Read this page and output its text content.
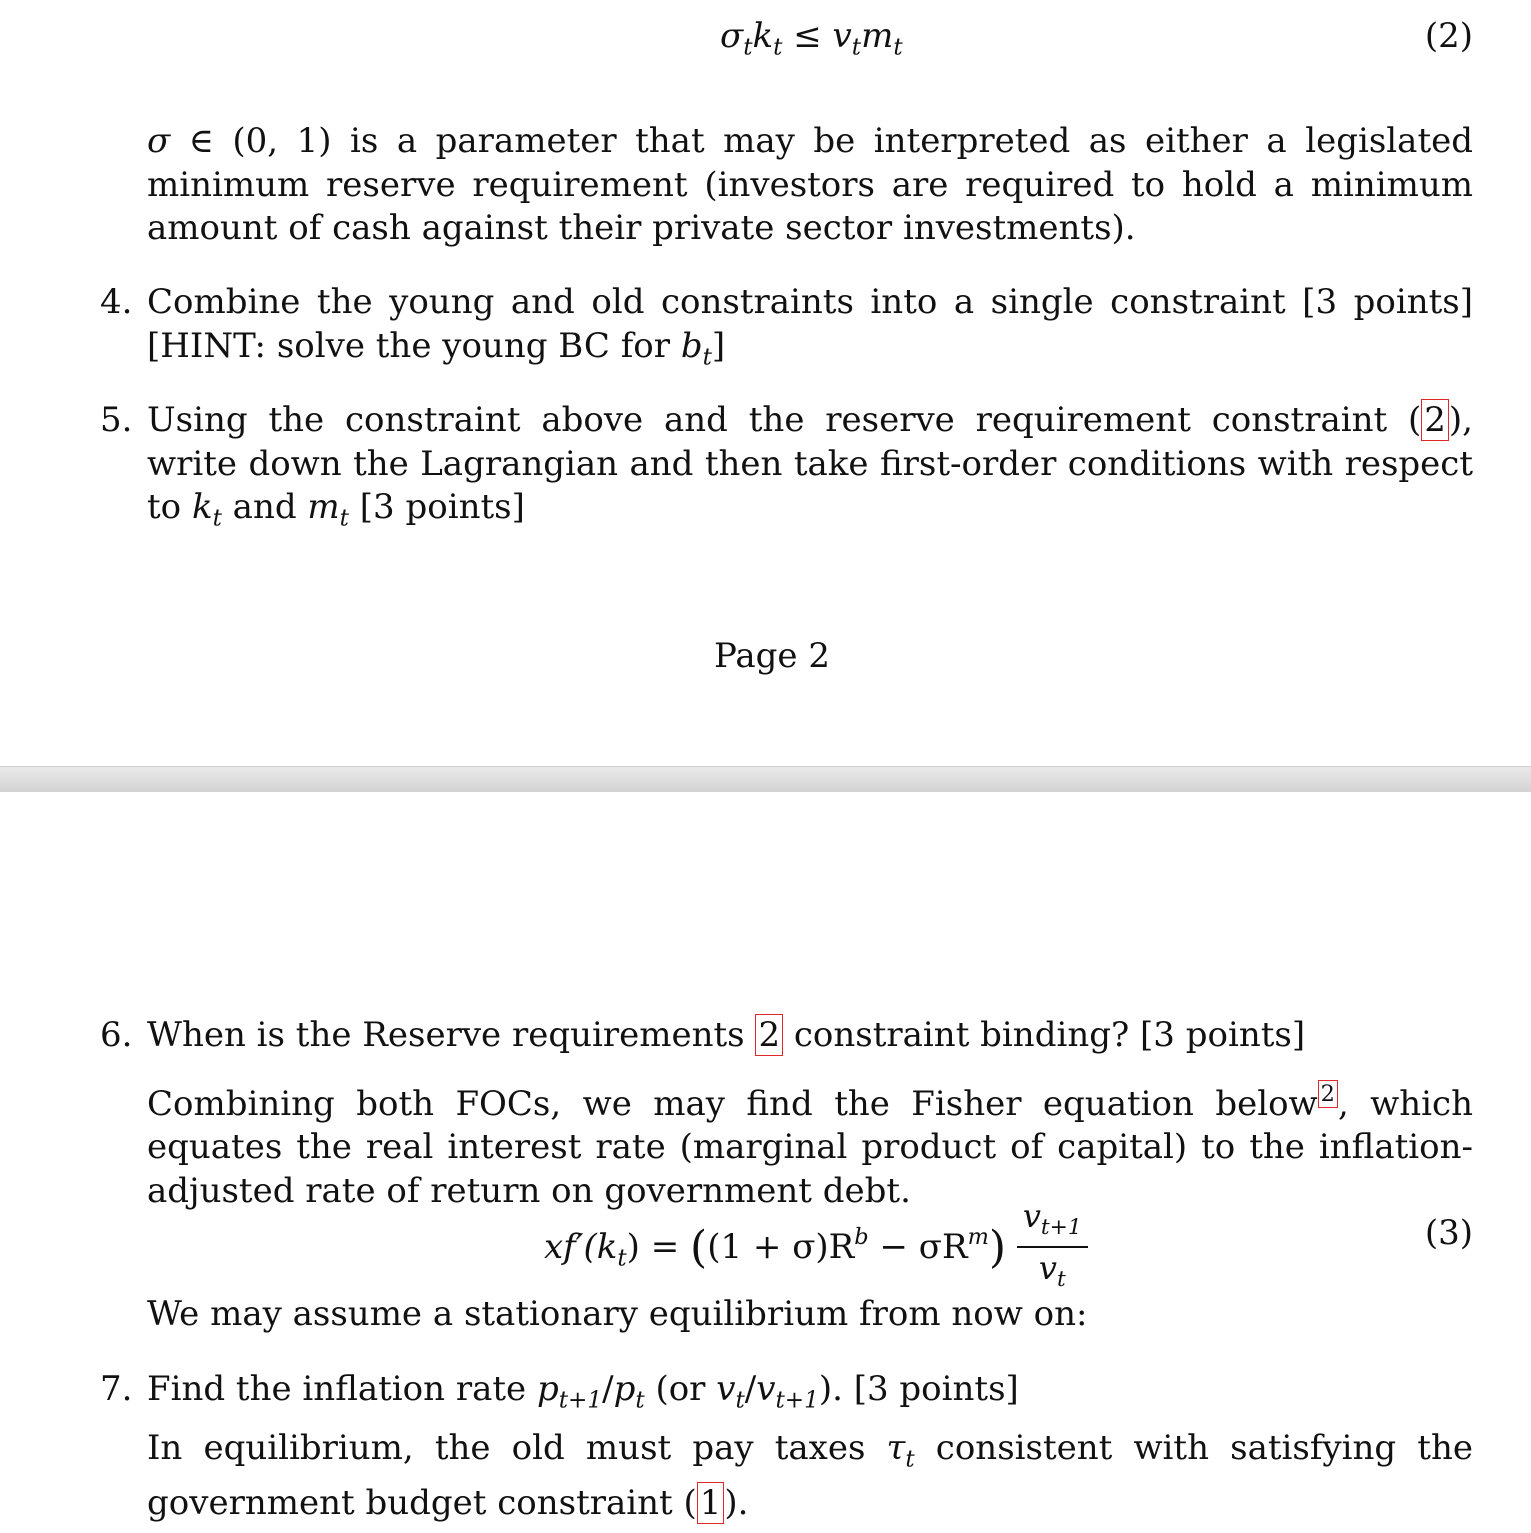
$\sigma_tk_t \le v_tm_t$	(2)
σ ∈ (0, 1) is a parameter that may be interpreted as either a legislated minimum reserve requirement (investors are required to hold a minimum amount of cash against their private sector investments).
4. Combine the young and old constraints into a single constraint [3 points] [HINT: solve the young BC for $b_t$]
5. Using the constraint above and the reserve requirement constraint (2), write down the Lagrangian and then take first-order conditions with respect to $k_t$ and $m_t$ [3 points]
Page 2
6. When is the Reserve requirements 2 constraint binding? [3 points]
Combining both FOCs, we may find the Fisher equation below $^2$, which equates the real interest rate (marginal product of capital) to the inflation-adjusted rate of return on government debt.
$xf'(k_t) = ((1 + \sigma)R^b - \sigma R^m) \frac{v_{t+1}}{v_t}$	(3)
We may assume a stationary equilibrium from now on:
7. Find the inflation rate $p_{t+1}/p_t$ (or $v_t/v_{t+1}$). [3 points]
In equilibrium, the old must pay taxes $\tau_t$ consistent with satisfying the government budget constraint (1).
